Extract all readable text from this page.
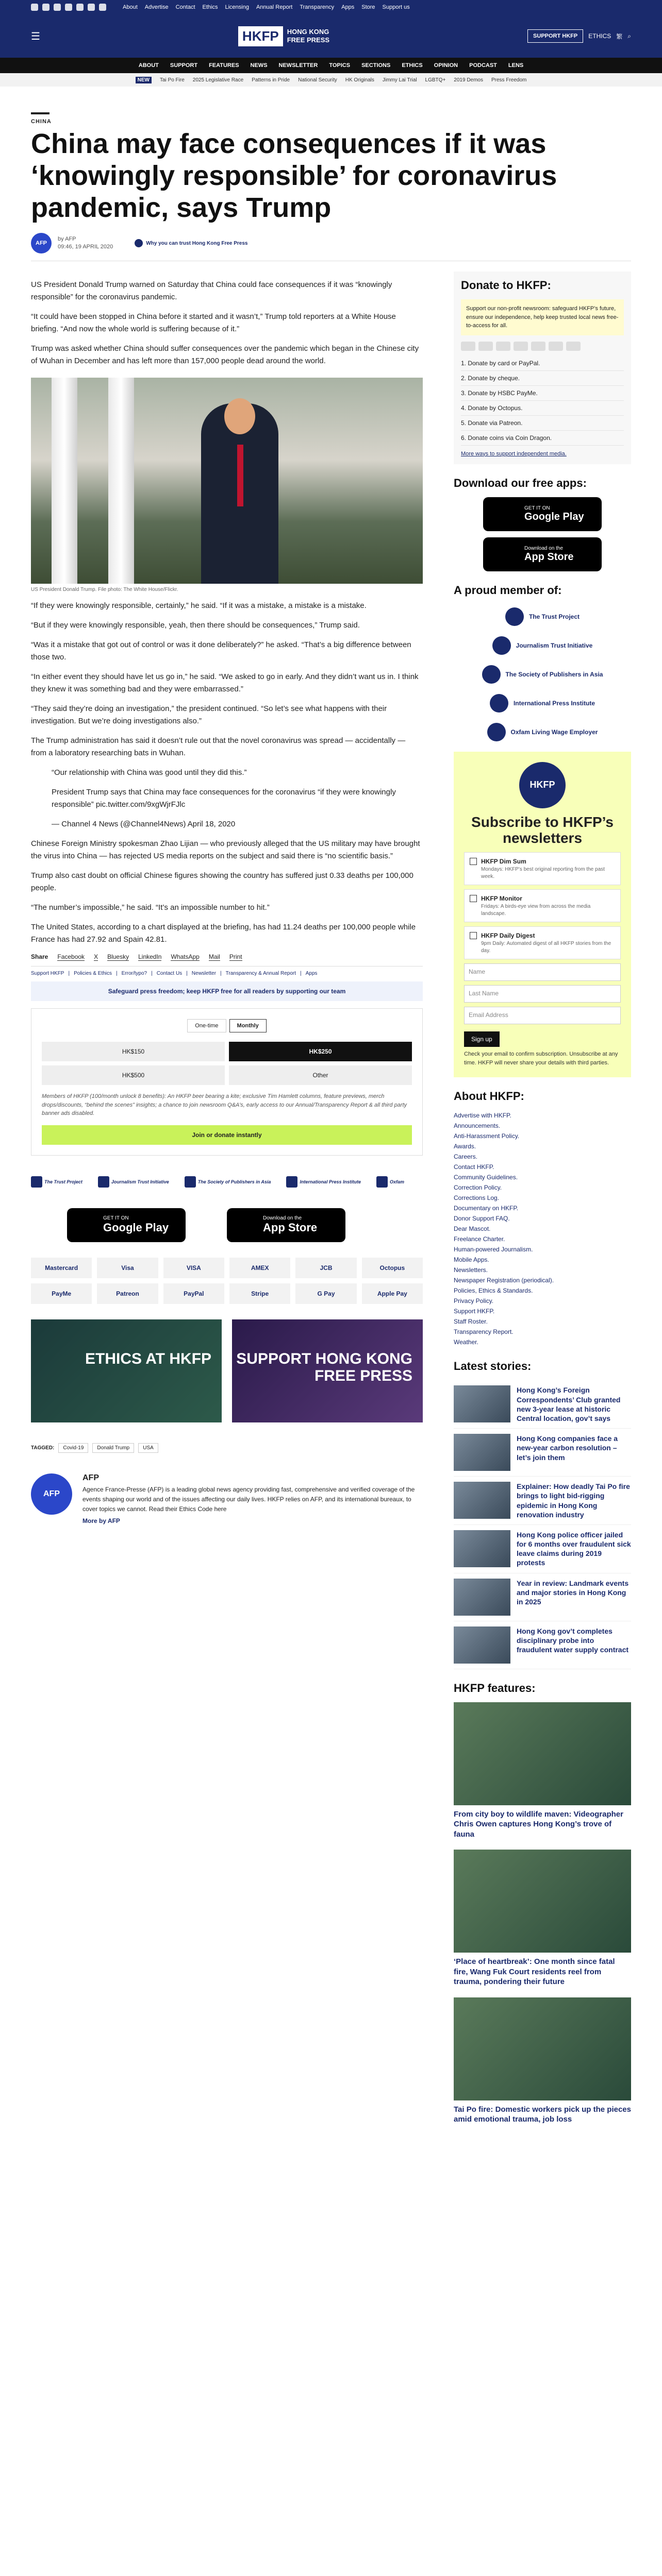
About Advertise Contact Ethics Licensing Annual Report Transparency Apps Store Support us
☰	HKFP	HONG KONG
FREE PRESS	SUPPORT HKFP	ETHICS 繁 ⌕
ABOUT SUPPORT FEATURES NEWS NEWSLETTER TOPICS SECTIONS ETHICS OPINION PODCAST LENS
NEW	Tai Po Fire 2025 Legislative Race Patterns in Pride National Security HK Originals Jimmy Lai Trial LGBTQ+ 2019 Demos Press Freedom
CHINA
China may face consequences if it was ‘knowingly responsible’ for coronavirus pandemic, says Trump
AFP
by AFP
09:46, 19 APRIL 2020
Why you can trust Hong Kong Free Press

US President Donald Trump warned on Saturday that China could face consequences if it was “knowingly responsible” for the coronavirus pandemic.

“It could have been stopped in China before it started and it wasn’t,” Trump told reporters at a White House briefing. “And now the whole world is suffering because of it.”

Trump was asked whether China should suffer consequences over the pandemic which began in the Chinese city of Wuhan in December and has left more than 157,000 people dead around the world.

US President Donald Trump. File photo: The White House/Flickr.

“If they were knowingly responsible, certainly,” he said. “If it was a mistake, a mistake is a mistake.

“But if they were knowingly responsible, yeah, then there should be consequences,” Trump said.

“Was it a mistake that got out of control or was it done deliberately?” he asked. “That’s a big difference between those two.

“In either event they should have let us go in,” he said. “We asked to go in early. And they didn’t want us in. I think they knew it was something bad and they were embarrassed.”

“They said they’re doing an investigation,” the president continued. “So let’s see what happens with their investigation. But we’re doing investigations also.”

The Trump administration has said it doesn’t rule out that the novel coronavirus was spread — accidentally — from a laboratory researching bats in Wuhan.

“Our relationship with China was good until they did this.”

President Trump says that China may face consequences for the coronavirus “if they were knowingly responsible” pic.twitter.com/9xgWjrFJlc

— Channel 4 News (@Channel4News) April 18, 2020

Chinese Foreign Ministry spokesman Zhao Lijian — who previously alleged that the US military may have brought the virus into China — has rejected US media reports on the subject and said there is “no scientific basis.”

Trump also cast doubt on official Chinese figures showing the country has suffered just 0.33 deaths per 100,000 people.

“The number’s impossible,” he said. “It’s an impossible number to hit.”

The United States, according to a chart displayed at the briefing, has had 11.24 deaths per 100,000 people while France has had 27.92 and Spain 42.81.

Share Facebook X Bluesky LinkedIn WhatsApp Mail Print
Support HKFP | Policies & Ethics | Error/typo? | Contact Us | Newsletter | Transparency & Annual Report | Apps
Safeguard press freedom; keep HKFP free for all readers by supporting our team
One-time	Monthly
HK$150	HK$250
HK$500	Other
Members of HKFP (100/month unlock 8 benefits): An HKFP beer bearing a kite; exclusive Tim Hamlett columns, feature previews, merch drops/discounts, “behind the scenes” insights; a chance to join newsroom Q&A’s, early access to our Annual/Transparency Report & all third party banner ads disabled.
Join or donate instantly
The Trust Project	Journalism Trust Initiative	The Society of Publishers in Asia	International Press Institute	Oxfam
GET IT ON
Google Play
Download on the
App Store
Mastercard	Visa	VISA	AMEX	JCB	Octopus
PayMe	Patreon	PayPal	Stripe	G Pay	Apple Pay
ETHICS AT HKFP SUPPORT HONG KONG FREE PRESS
TAGGED:	Covid-19	Donald Trump	USA
AFP
AFP

Agence France-Presse (AFP) is a leading global news agency providing fast, comprehensive and verified coverage of the events shaping our world and of the issues affecting our daily lives. HKFP relies on AFP, and its international bureaux, to cover topics we cannot. Read their Ethics Code here

More by AFP
Donate to HKFP:
Support our non-profit newsroom: safeguard HKFP’s future, ensure our independence, help keep trusted local news free-to-access for all.
1. Donate by card or PayPal.
2. Donate by cheque.
3. Donate by HSBC PayMe.
4. Donate by Octopus.
5. Donate via Patreon.
6. Donate coins via Coin Dragon.
More ways to support independent media.
Download our free apps:
GET IT ON
Google Play
Download on the
App Store
A proud member of:
The Trust Project
Journalism Trust Initiative
The Society of Publishers in Asia
International Press Institute
Oxfam Living Wage Employer
HKFP
Subscribe to HKFP’s newsletters
HKFP Dim Sum
Mondays: HKFP’s best original reporting from the past week.
HKFP Monitor
Fridays: A birds-eye view from across the media landscape.
HKFP Daily Digest
9pm Daily: Automated digest of all HKFP stories from the day.
Name
Last Name
Email Address
Sign up
Check your email to confirm subscription. Unsubscribe at any time. HKFP will never share your details with third parties.
About HKFP:
Advertise with HKFP.
Announcements.
Anti-Harassment Policy.
Awards.
Careers.
Contact HKFP.
Community Guidelines.
Correction Policy.
Corrections Log.
Documentary on HKFP.
Donor Support FAQ.
Dear Mascot.
Freelance Charter.
Human-powered Journalism.
Mobile Apps.
Newsletters.
Newspaper Registration (periodical).
Policies, Ethics & Standards.
Privacy Policy.
Support HKFP.
Staff Roster.
Transparency Report.
Weather.
Latest stories:
Hong Kong’s Foreign Correspondents’ Club granted new 3-year lease at historic Central location, gov’t says
Hong Kong companies face a new-year carbon resolution – let’s join them
Explainer: How deadly Tai Po fire brings to light bid-rigging epidemic in Hong Kong renovation industry
Hong Kong police officer jailed for 6 months over fraudulent sick leave claims during 2019 protests
Year in review: Landmark events and major stories in Hong Kong in 2025
Hong Kong gov’t completes disciplinary probe into fraudulent water supply contract
HKFP features:
From city boy to wildlife maven: Videographer Chris Owen captures Hong Kong’s trove of fauna
‘Place of heartbreak’: One month since fatal fire, Wang Fuk Court residents reel from trauma, pondering their future
Tai Po fire: Domestic workers pick up the pieces amid emotional trauma, job loss
